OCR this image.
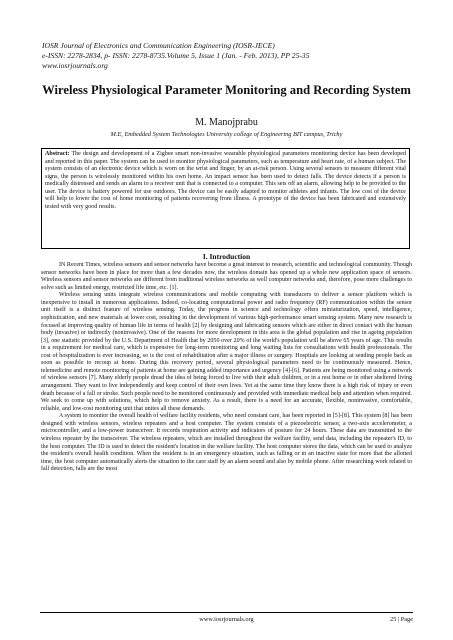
IOSR Journal of Electronics and Communication Engineering (IOSR-JECE)
e-ISSN: 2278-2834, p- ISSN: 2278-8735.Volume 5, Issue 1 (Jan. - Feb. 2013), PP 25-35
www.iosrjournals.org
Wireless Physiological Parameter Monitoring and Recording System
M. Manojprabu
M.E, Embedded System Technologies University college of Engineering BIT campus, Trichy
Abstract: The design and development of a Zigbee smart non-invasive wearable physiological parameters monitoring device has been developed and reported in this paper. The system can be used to monitor physiological parameters, such as temperature and heart rate, of a human subject. The system consists of an electronic device which is worn on the wrist and finger, by an at-risk person. Using several sensors to measure different vital signs, the person is wirelessly monitored within his own home. An impact sensor has been used to detect falls. The device detects if a person is medically distressed and sends an alarm to a receiver unit that is connected to a computer. This sets off an alarm, allowing help to be provided to the user. The device is battery powered for use outdoors. The device can be easily adapted to monitor athletes and infants. The low cost of the device will help to lower the cost of home monitoring of patients recovering from illness. A prototype of the device has been fabricated and extensively tested with very good results.
I. Introduction

IN Recent Times, wireless sensors and sensor networks have become a great interest to research, scientific and technological community. Though sensor networks have been in place for more than a few decades now, the wireless domain has opened up a whole new application space of sensors. Wireless sensors and sensor networks are different from traditional wireless networks as well computer networks and, therefore, pose more challenges to solve such as limited energy, restricted life time, etc. [1].

Wireless sensing units integrate wireless communications and mobile computing with transducers to deliver a sensor platform which is inexpensive to install in numerous applications. Indeed, co-locating computational power and radio frequency (RF) communication within the sensor unit itself is a distinct feature of wireless sensing. Today, the progress in science and technology offers miniaturization, speed, intelligence, sophistication, and new materials at lower cost, resulting in the development of various high-performance smart sensing system. Many new research is focused at improving quality of human life in terms of health [2] by designing and fabricating sensors which are either in direct contact with the human body (invasive) or indirectly (noninvasive). One of the reasons for more development in this area is the global population and rise in ageing population [3], one statistic provided by the U.S. Department of Health that by 2050 over 20% of the world's population will be above 65 years of age. This results in a requirement for medical care, which is expensive for long-term monitoring and long waiting lists for consultations with health professionals. The cost of hospitalization is ever increasing, so is the cost of rehabilitation after a major illness or surgery. Hospitals are looking at sending people back as soon as possible to recoup at home. During this recovery period, several physiological parameters need to be continuously measured. Hence, telemedicine and remote monitoring of patients at home are gaining added importance and urgency [4]-[6]. Patients are being monitored using a network of wireless sensors [7]. Many elderly people dread the idea of being forced to live with their adult children, or in a rest home or in other sheltered living arrangement. They want to live independently and keep control of their own lives. Yet at the same time they know there is a high risk of injury or even death because of a fall or stroke. Such people need to be monitored continuously and provided with immediate medical help and attention when required. We seek to come up with solutions, which help to remove anxiety. As a result, there is a need for an accurate, flexible, noninvasive, comfortable, reliable, and low-cost monitoring unit that unites all these demands.

A system to monitor the overall health of welfare facility residents, who need constant care, has been reported in [5]-[8]. This system [8] has been designed with wireless sensors, wireless repeaters and a host computer. The system consists of a piezoelectric sensor, a two-axis accelerometer, a microcontroller, and a low-power transceiver. It records respiration activity and indicators of posture for 24 hours. These data are transmitted to the wireless repeater by the transceiver. The wireless repeaters, which are installed throughout the welfare facility, send data, including the repeater's ID, to the host computer. The ID is used to detect the resident's location in the welfare facility. The host computer stores the data, which can be used to analyze the resident's overall health condition. When the resident is in an emergency situation, such as falling or in an inactive state for more that the allotted time, the host computer automatically alerts the situation to the care staff by an alarm sound and also by mobile phone. After researching work related to fall detection, falls are the most

www.iosrjournals.org	25 | Page
